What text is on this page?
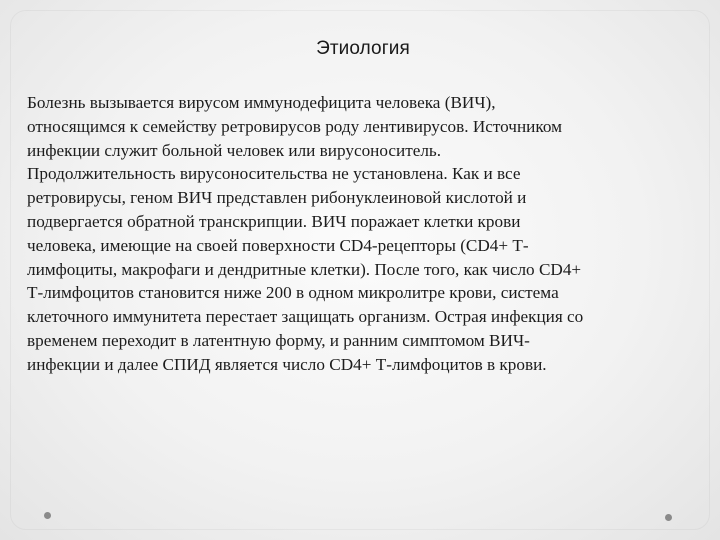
Этиология
Болезнь вызывается вирусом иммунодефицита человека (ВИЧ),
относящимся к семейству ретровирусов роду лентивирусов. Источником
инфекции служит больной человек или вирусоноситель.
Продолжительность вирусоносительства не установлена. Как и все
ретровирусы, геном ВИЧ представлен рибонуклеиновой кислотой и
подвергается обратной транскрипции. ВИЧ поражает клетки крови
человека, имеющие на своей поверхности CD4-рецепторы (CD4+ Т-
лимфоциты, макрофаги и дендритные клетки). После того, как число CD4+
Т-лимфоцитов становится ниже 200 в одном микролитре крови, система
клеточного иммунитета перестает защищать организм. Острая инфекция со
временем переходит в латентную форму, и ранним симптомом ВИЧ-
инфекции и далее СПИД является число CD4+ Т-лимфоцитов в крови.
